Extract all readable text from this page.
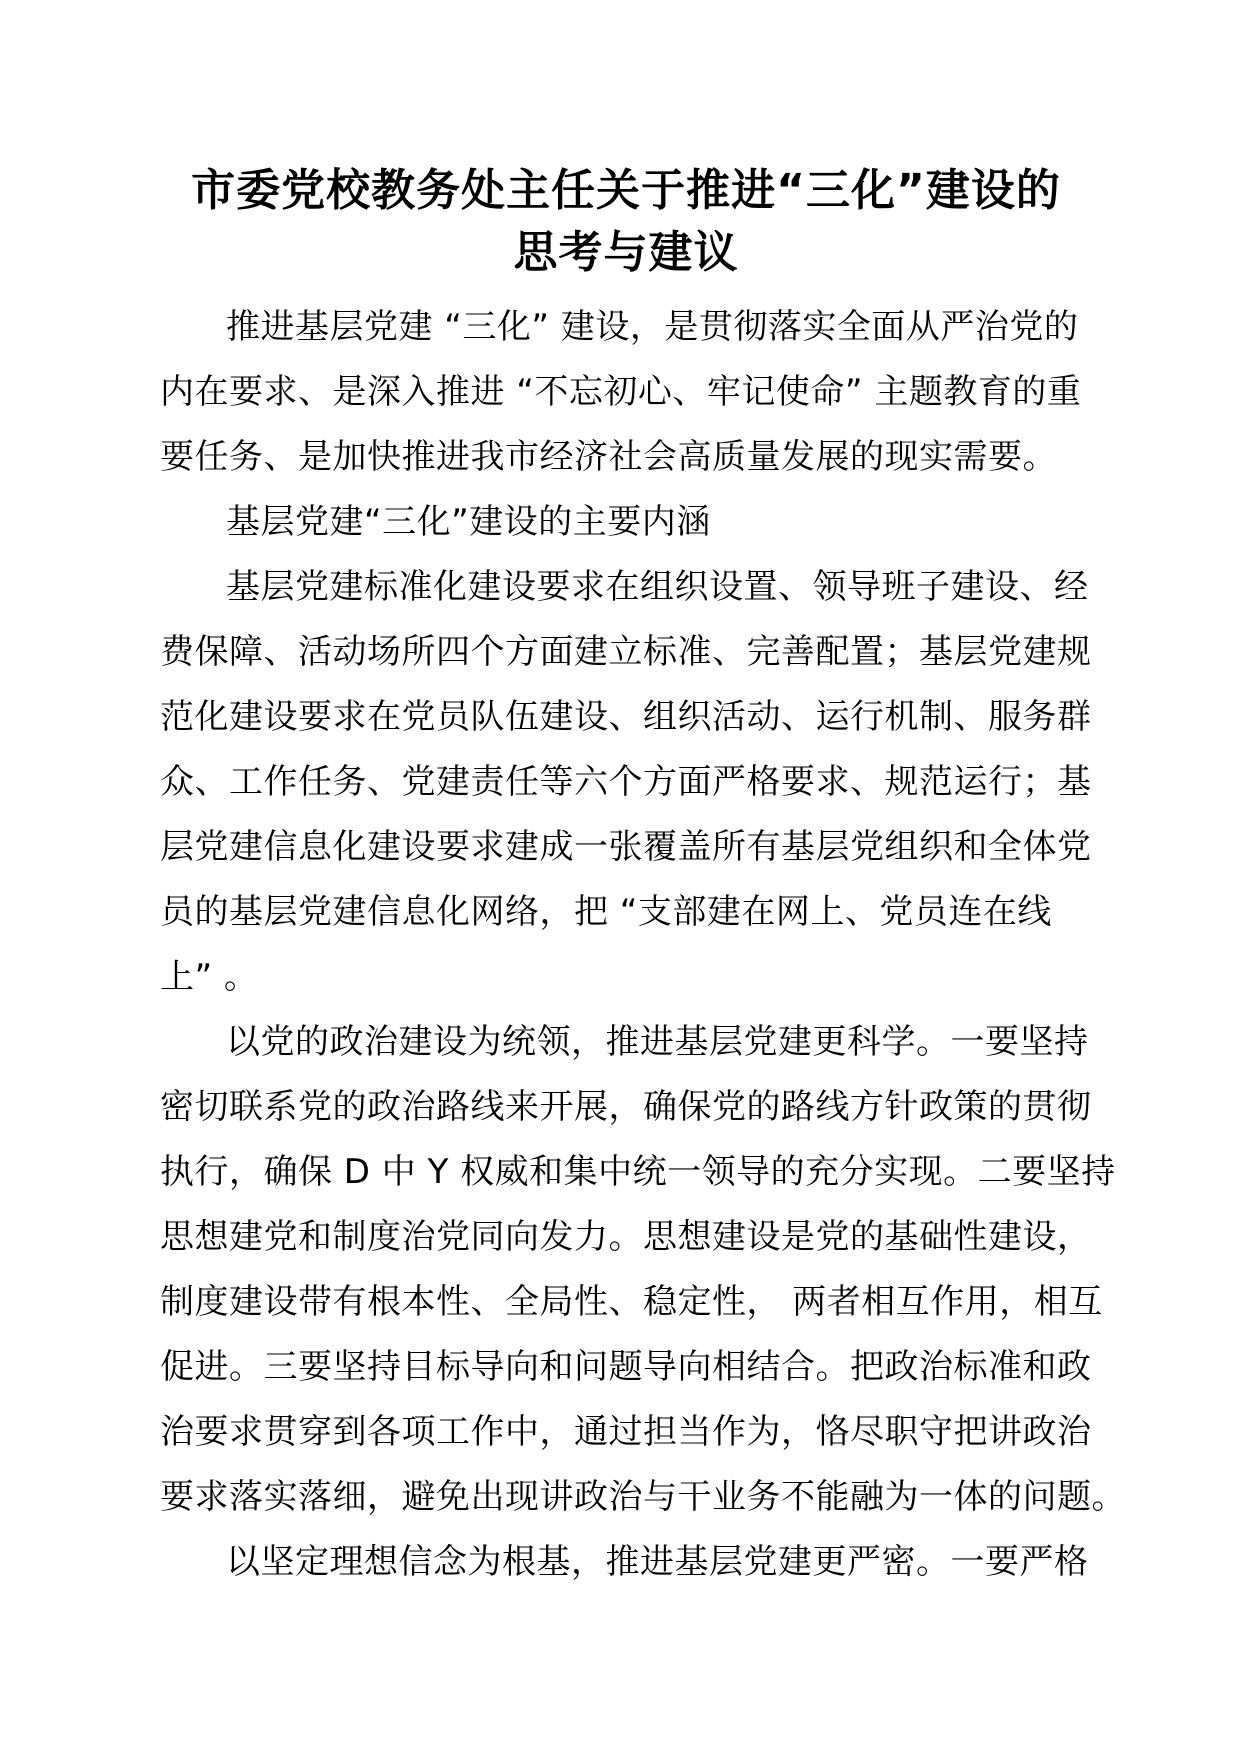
市委党校教务处主任关于推进“三化”建设的
思考与建议
推进基层党建 “三化” 建设，是贯彻落实全面从严治党的
内在要求、是深入推进 “不忘初心、牢记使命” 主题教育的重
要任务、是加快推进我市经济社会高质量发展的现实需要。
基层党建“三化”建设的主要内涵
基层党建标准化建设要求在组织设置、领导班子建设、经
费保障、活动场所四个方面建立标准、完善配置；基层党建规
范化建设要求在党员队伍建设、组织活动、运行机制、服务群
众、工作任务、党建责任等六个方面严格要求、规范运行；基
层党建信息化建设要求建成一张覆盖所有基层党组织和全体党
员的基层党建信息化网络，把 “支部建在网上、党员连在线
上” 。
以党的政治建设为统领，推进基层党建更科学。一要坚持
密切联系党的政治路线来开展，确保党的路线方针政策的贯彻
执行，确保 D 中 Y 权威和集中统一领导的充分实现。二要坚持
思想建党和制度治党同向发力。思想建设是党的基础性建设，
制度建设带有根本性、全局性、稳定性， 两者相互作用，相互
促进。三要坚持目标导向和问题导向相结合。把政治标准和政
治要求贯穿到各项工作中，通过担当作为，恪尽职守把讲政治
要求落实落细，避免出现讲政治与干业务不能融为一体的问题。
以坚定理想信念为根基，推进基层党建更严密。一要严格
